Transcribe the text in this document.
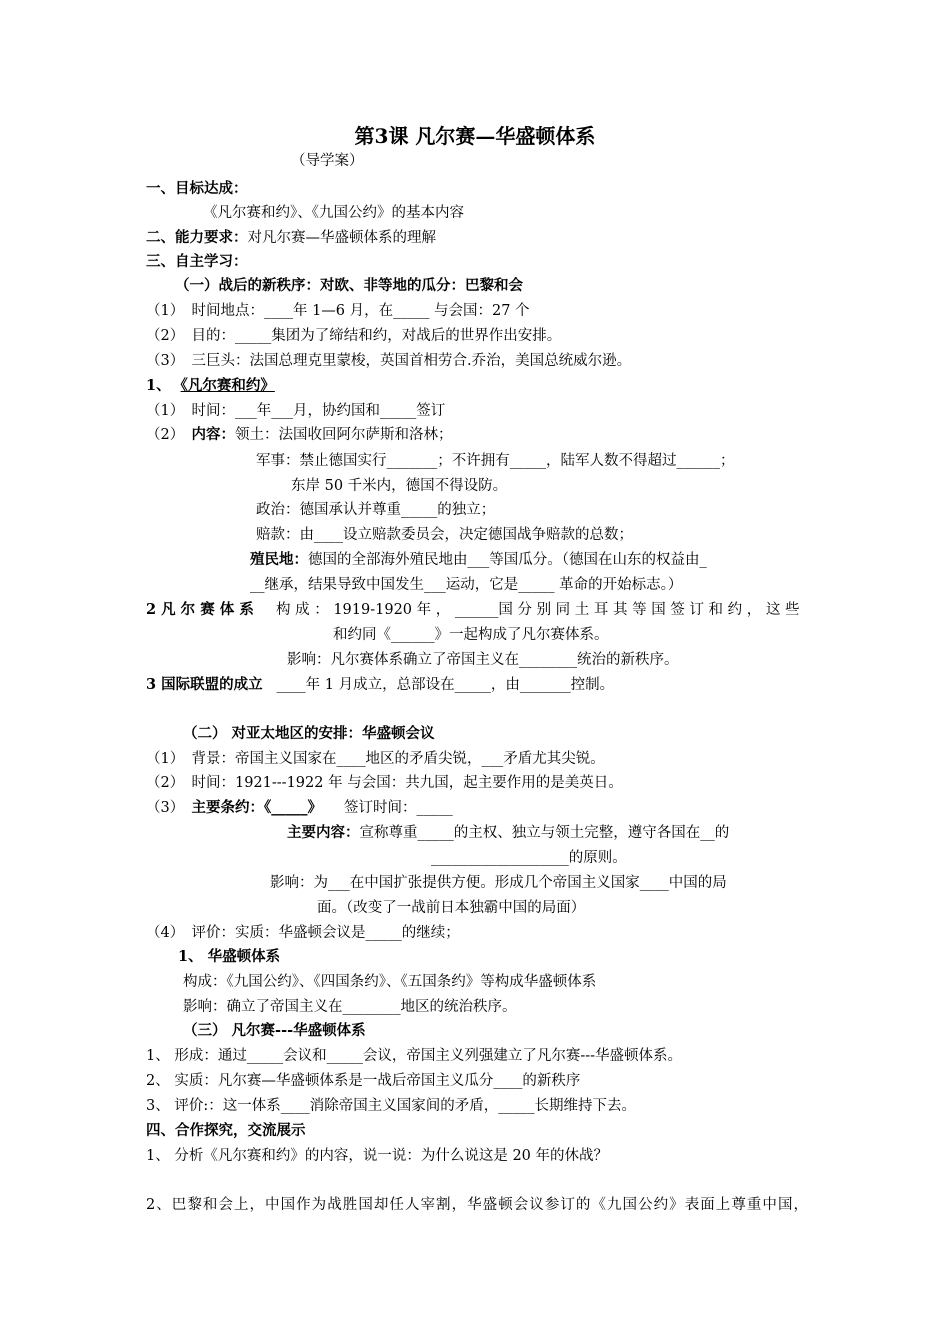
第3课 凡尔赛—华盛顿体系
（导学案）
一、目标达成：
《凡尔赛和约》、《九国公约》的基本内容
二、能力要求：对凡尔赛—华盛顿体系的理解
三、自主学习：
（一）战后的新秩序：对欧、非等地的瓜分：巴黎和会
（1）　时间地点：____年 1—6 月，在_____ 与会国：27 个
（2）　目的：_____集团为了缔结和约，对战后的世界作出安排。
（3）　三巨头：法国总理克里蒙梭，英国首相劳合.乔治，美国总统威尔逊。
1、 《凡尔赛和约》
（1）　时间：___年___月，协约国和_____签订
（2）　内容：领土：法国收回阿尔萨斯和洛林；
军事：禁止德国实行_______；不许拥有_____，陆军人数不得超过______；
东岸 50 千米内，德国不得设防。
政治：德国承认并尊重_____的独立；
赔款：由____设立赔款委员会，决定德国战争赔款的总数；
殖民地：德国的全部海外殖民地由___等国瓜分。（德国在山东的权益由_
__继承，结果导致中国发生___运动，它是_____ 革命的开始标志。）
2 凡 尔 赛 体 系 构 成 ： 1919-1920 年 ， ______国 分 别 同 土 耳 其 等 国 签 订 和 约 ， 这 些
和约同《______》一起构成了凡尔赛体系。
影响：凡尔赛体系确立了帝国主义在________统治的新秩序。
3 国际联盟的成立 ____年 1 月成立，总部设在_____，由_______控制。
（二） 对亚太地区的安排：华盛顿会议
（1）　背景：帝国主义国家在____地区的矛盾尖锐，___矛盾尤其尖锐。
（2）　时间：1921---1922 年 与会国：共九国，起主要作用的是美英日。
（3）　主要条约：《_____》 签订时间：_____
主要内容：宣称尊重_____的主权、独立与领土完整，遵守各国在__的
___________________的原则。
影响：为___在中国扩张提供方便。形成几个帝国主义国家____中国的局
面。（改变了一战前日本独霸中国的局面）
（4）　评价：实质：华盛顿会议是_____的继续；
1、 华盛顿体系
构成：《九国公约》、《四国条约》、《五国条约》等构成华盛顿体系
影响：确立了帝国主义在________地区的统治秩序。
（三） 凡尔赛---华盛顿体系
1、 形成：通过_____会议和_____会议，帝国主义列强建立了凡尔赛---华盛顿体系。
2、 实质：凡尔赛—华盛顿体系是一战后帝国主义瓜分____的新秩序
3、 评价:：这一体系____消除帝国主义国家间的矛盾，_____长期维持下去。
四、合作探究，交流展示
1、 分析《凡尔赛和约》的内容，说一说：为什么说这是 20 年的休战？
2、巴黎和会上，中国作为战胜国却任人宰割，华盛顿会议参订的《九国公约》表面上尊重中国，
